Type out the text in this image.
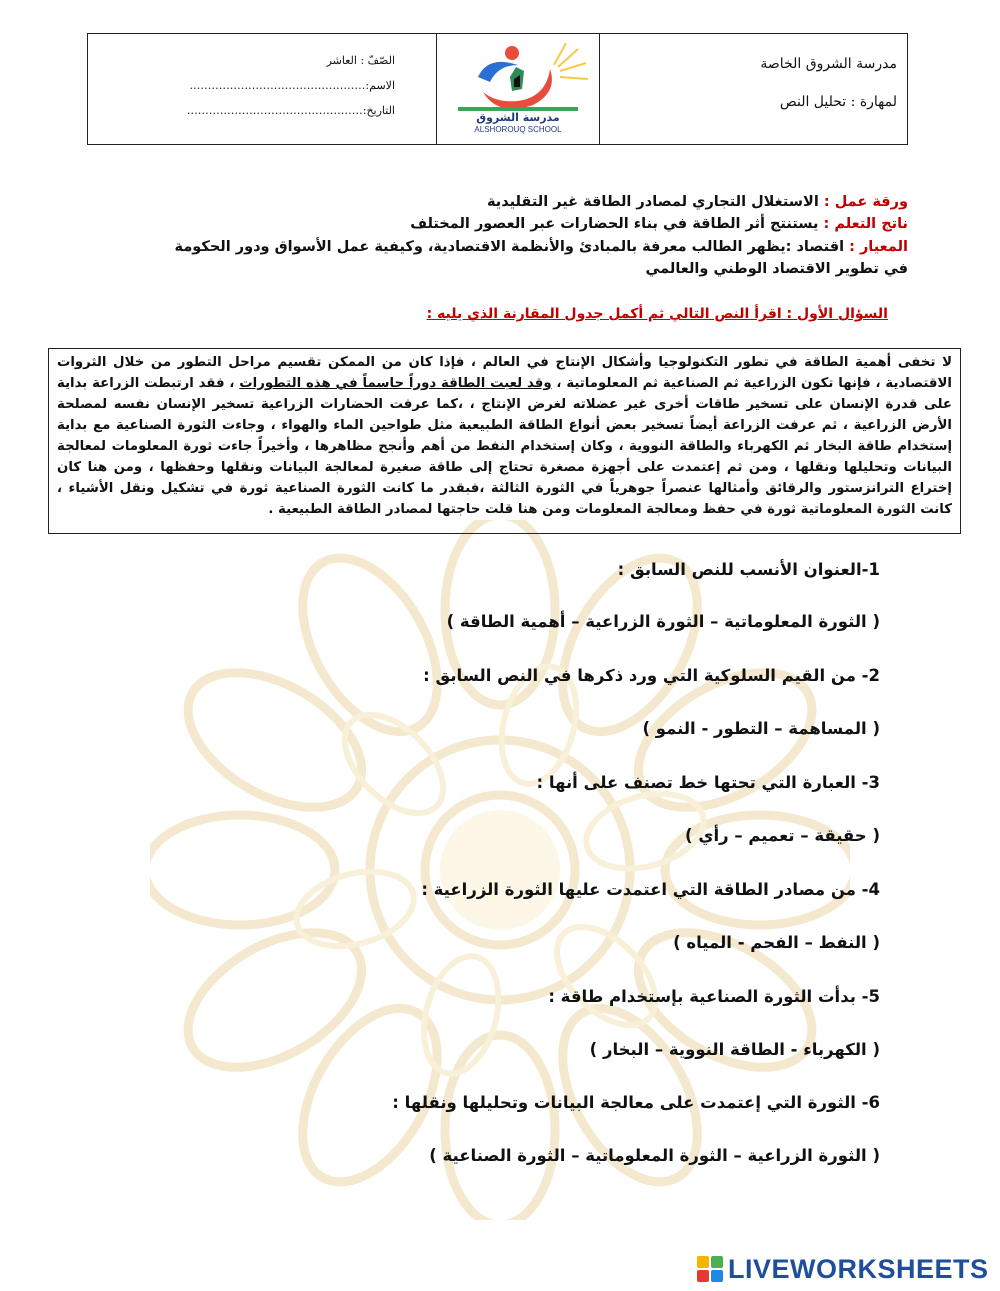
مدرسة الشروق الخاصة
لمهارة : تحليل النص
الصّفّ : العاشر
الاسم:…………………………………………
التاريخ:…………………………………………
مدرسة الشروق
ALSHOROUQ SCHOOL
ورقة عمل : الاستغلال التجاري لمصادر الطاقة غير التقليدية
ناتج التعلم : يستنتج أثر الطاقة في بناء الحضارات عبر العصور المختلف
المعيار : اقتصاد :يظهر الطالب معرفة بالمبادئ والأنظمة الاقتصادية، وكيفية عمل الأسواق ودور الحكومة في تطوير الاقتصاد الوطني والعالمي
السؤال الأول : اقرأ النص التالي ثم أكمل جدول المقارنة الذي يليه :

لا تخفى أهمية الطاقة في تطور التكنولوجيا وأشكال الإنتاج في العالم ، فإذا كان من الممكن تقسيم مراحل التطور من خلال الثروات الاقتصادية ، فإنها تكون الزراعية ثم الصناعية ثم المعلوماتية ، وقد لعبت الطاقة دوراً حاسماً في هذه التطورات ، فقد ارتبطت الزراعة بداية على قدرة الإنسان على تسخير طاقات أخرى غير عضلاته لغرض الإنتاج ، ،كما عرفت الحضارات الزراعية تسخير الإنسان نفسه لمصلحة الأرض الزراعية ، ثم عرفت الزراعة أيضاً تسخير بعض أنواع الطاقة الطبيعية مثل طواحين الماء والهواء ، وجاءت الثورة الصناعية مع بداية إستخدام طاقة البخار ثم الكهرباء والطاقة النووية ، وكان إستخدام النفط من أهم وأنجح مظاهرها ، وأخيراً جاءت ثورة المعلومات لمعالجة البيانات وتحليلها ونقلها ، ومن ثم إعتمدت على أجهزة مصغرة تحتاج إلى طاقة صغيرة لمعالجة البيانات ونقلها وحفظها ، ومن هنا كان إختراع الترانزستور والرقائق وأمثالها عنصراً جوهرياً في الثورة الثالثة ،فبقدر ما كانت الثورة الصناعية ثورة في تشكيل ونقل الأشياء ، كانت الثورة المعلوماتية ثورة في حفظ ومعالجة المعلومات ومن هنا قلت حاجتها لمصادر الطاقة الطبيعية .

1-العنوان الأنسب للنص السابق :
( الثورة المعلوماتية – الثورة الزراعية – أهمية الطاقة )
2- من القيم السلوكية التي ورد ذكرها في النص السابق :
( المساهمة – التطور - النمو )
3- العبارة التي تحتها خط تصنف على أنها :
( حقيقة – تعميم – رأي )
4- من مصادر الطاقة التي اعتمدت عليها الثورة الزراعية :
( النفط – الفحم - المياه )
5- بدأت الثورة الصناعية بإستخدام طاقة :
( الكهرباء - الطاقة النووية – البخار )
6- الثورة التي إعتمدت على معالجة البيانات وتحليلها ونقلها :
( الثورة الزراعية – الثورة المعلوماتية – الثورة الصناعية )
LIVEWORKSHEETS
